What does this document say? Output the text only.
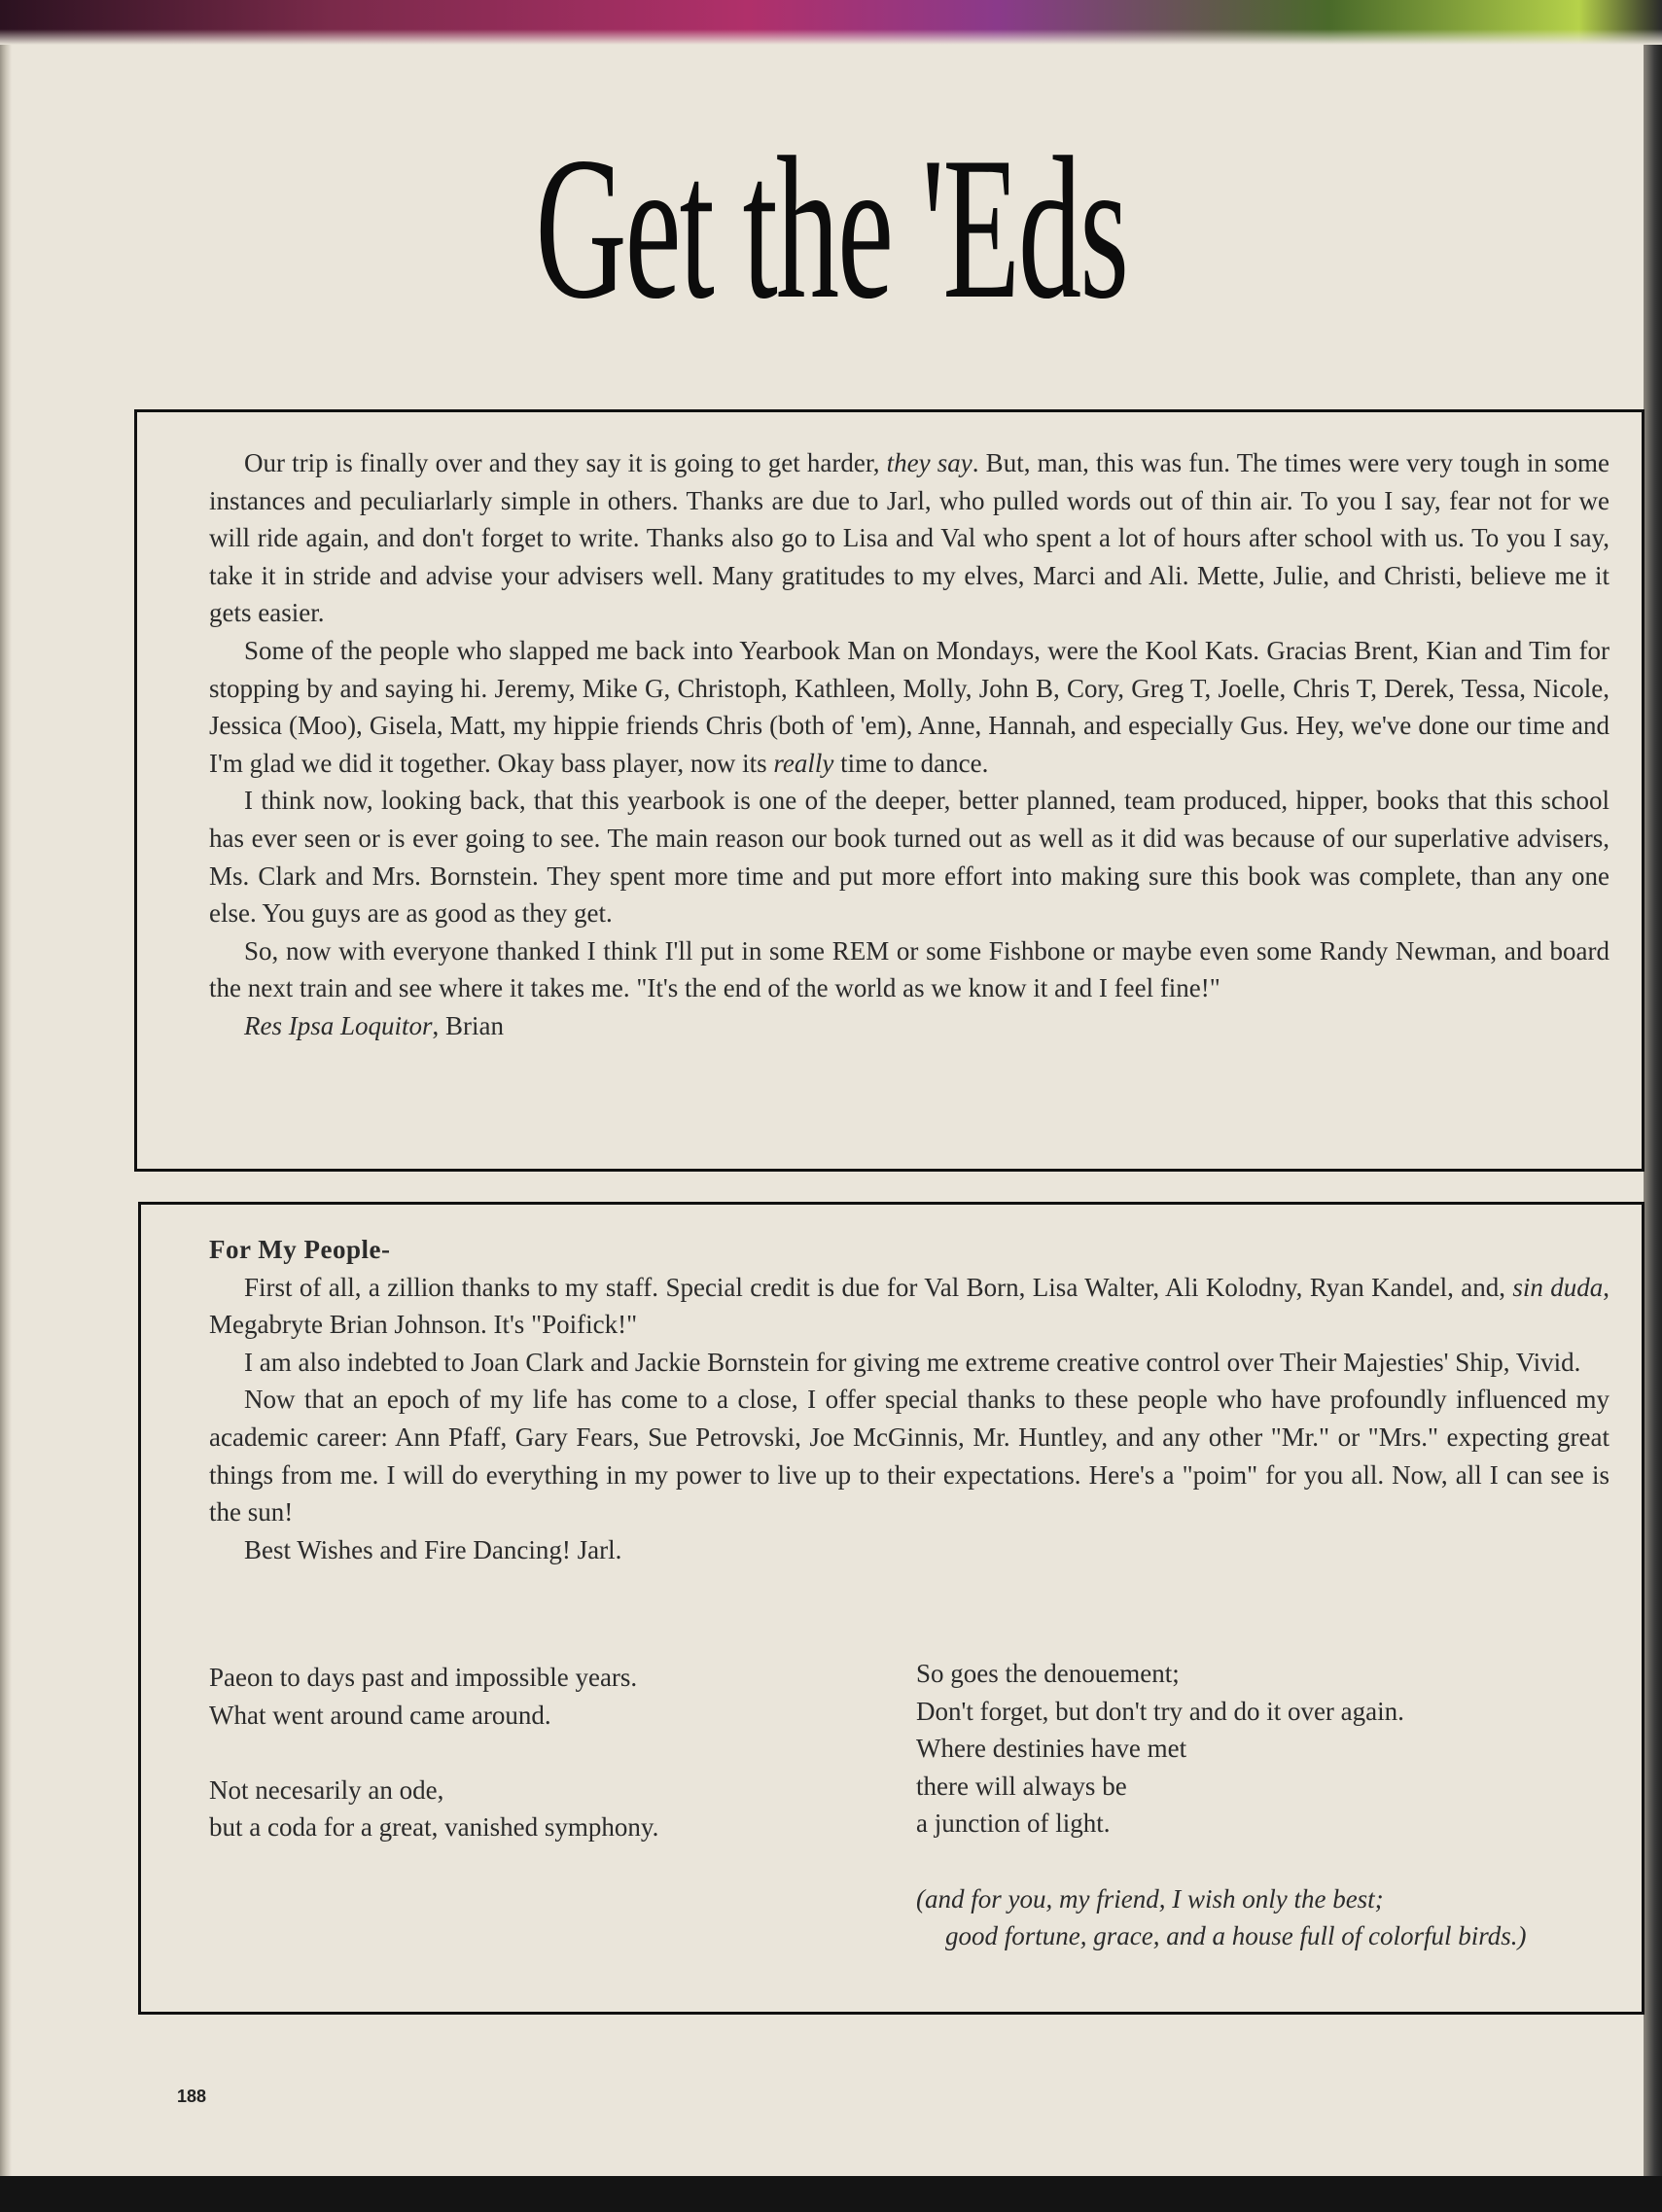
Get the 'Eds

Our trip is finally over and they say it is going to get harder, they say. But, man, this was fun. The times were very tough in some instances and peculiarlarly simple in others. Thanks are due to Jarl, who pulled words out of thin air. To you I say, fear not for we will ride again, and don't forget to write. Thanks also go to Lisa and Val who spent a lot of hours after school with us. To you I say, take it in stride and advise your advisers well. Many gratitudes to my elves, Marci and Ali. Mette, Julie, and Christi, believe me it gets easier.

Some of the people who slapped me back into Yearbook Man on Mondays, were the Kool Kats. Gracias Brent, Kian and Tim for stopping by and saying hi. Jeremy, Mike G, Christoph, Kathleen, Molly, John B, Cory, Greg T, Joelle, Chris T, Derek, Tessa, Nicole, Jessica (Moo), Gisela, Matt, my hippie friends Chris (both of 'em), Anne, Hannah, and especially Gus. Hey, we've done our time and I'm glad we did it together. Okay bass player, now its really time to dance.

I think now, looking back, that this yearbook is one of the deeper, better planned, team produced, hipper, books that this school has ever seen or is ever going to see. The main reason our book turned out as well as it did was because of our superlative advisers, Ms. Clark and Mrs. Bornstein. They spent more time and put more effort into making sure this book was complete, than any one else. You guys are as good as they get.

So, now with everyone thanked I think I'll put in some REM or some Fishbone or maybe even some Randy Newman, and board the next train and see where it takes me. "It's the end of the world as we know it and I feel fine!"

Res Ipsa Loquitor, Brian

For My People-

First of all, a zillion thanks to my staff. Special credit is due for Val Born, Lisa Walter, Ali Kolodny, Ryan Kandel, and, sin duda, Megabryte Brian Johnson. It's "Poifick!"

I am also indebted to Joan Clark and Jackie Bornstein for giving me extreme creative control over Their Majesties' Ship, Vivid.

Now that an epoch of my life has come to a close, I offer special thanks to these people who have profoundly influenced my academic career: Ann Pfaff, Gary Fears, Sue Petrovski, Joe McGinnis, Mr. Huntley, and any other "Mr." or "Mrs." expecting great things from me. I will do everything in my power to live up to their expectations. Here's a "poim" for you all. Now, all I can see is the sun!

Best Wishes and Fire Dancing! Jarl.

Paeon to days past and impossible years.

What went around came around.

Not necesarily an ode,

but a coda for a great, vanished symphony.

So goes the denouement;

Don't forget, but don't try and do it over again.

Where destinies have met

there will always be

a junction of light.

(and for you, my friend, I wish only the best;

good fortune, grace, and a house full of colorful birds.)

188
